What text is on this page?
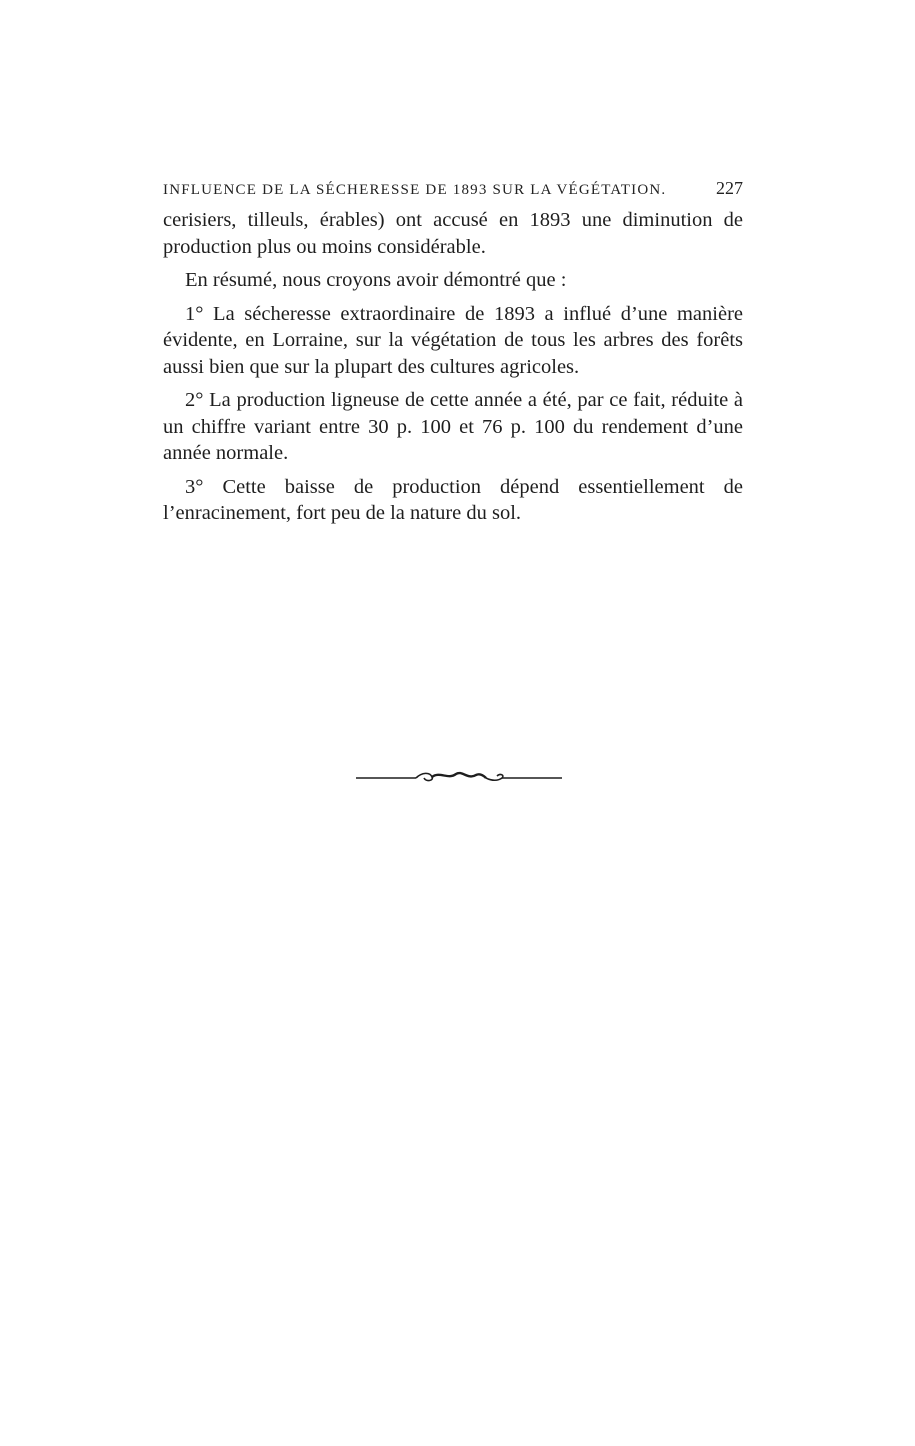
INFLUENCE DE LA SÉCHERESSE DE 1893 SUR LA VÉGÉTATION.	227

cerisiers, tilleuls, érables) ont accusé en 1893 une diminution de production plus ou moins considérable.

En résumé, nous croyons avoir démontré que :

1° La sécheresse extraordinaire de 1893 a influé d’une manière évidente, en Lorraine, sur la végétation de tous les arbres des forêts aussi bien que sur la plupart des cultures agricoles.

2° La production ligneuse de cette année a été, par ce fait, réduite à un chiffre variant entre 30 p. 100 et 76 p. 100 du rendement d’une année normale.

3° Cette baisse de production dépend essentiellement de l’enracinement, fort peu de la nature du sol.
